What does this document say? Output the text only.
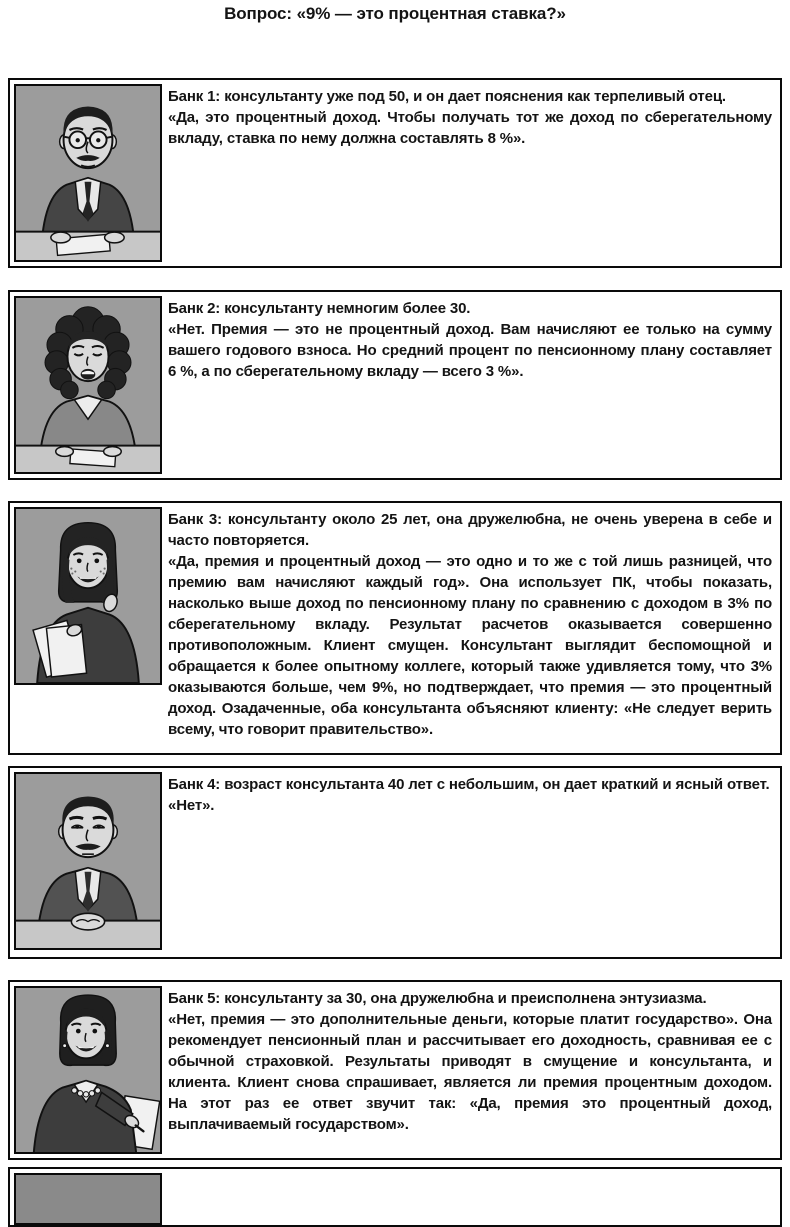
Вопрос: «9% — это процентная ставка?»

Банк 1: консультанту уже под 50, и он дает пояснения как терпеливый отец.

«Да, это процентный доход. Чтобы получать тот же доход по сберегательному вкладу, ставка по нему должна составлять 8 %».

Банк 2: консультанту немногим более 30.

«Нет. Премия — это не процентный доход. Вам начисляют ее только на сумму вашего годового взноса. Но средний процент по пенсионному плану составляет 6 %, а по сберегательному вкладу — всего 3 %».

Банк 3: консультанту около 25 лет, она дружелюбна, не очень уверена в себе и часто повторяется.

«Да, премия и процентный доход — это одно и то же с той лишь разницей, что премию вам начисляют каждый год». Она использует ПК, чтобы показать, насколько выше доход по пенсионному плану по сравнению с доходом в 3% по сберегательному вкладу. Результат расчетов оказывается совершенно противоположным. Клиент смущен. Консультант выглядит беспомощной и обращается к более опытному коллеге, который также удивляется тому, что 3% оказываются больше, чем 9%, но подтверждает, что премия — это процентный доход. Озадаченные, оба консультанта объясняют клиенту: «Не следует верить всему, что говорит правительство».

Банк 4: возраст консультанта 40 лет с небольшим, он дает краткий и ясный ответ.

«Нет».

Банк 5: консультанту за 30, она дружелюбна и преисполнена энтузиазма.

«Нет, премия — это дополнительные деньги, которые платит государство». Она рекомендует пенсионный план и рассчитывает его доходность, сравнивая ее с обычной страховкой. Результаты приводят в смущение и консультанта, и клиента. Клиент снова спрашивает, является ли премия процентным доходом. На этот раз ее ответ звучит так: «Да, премия это процентный доход, выплачиваемый государством».
